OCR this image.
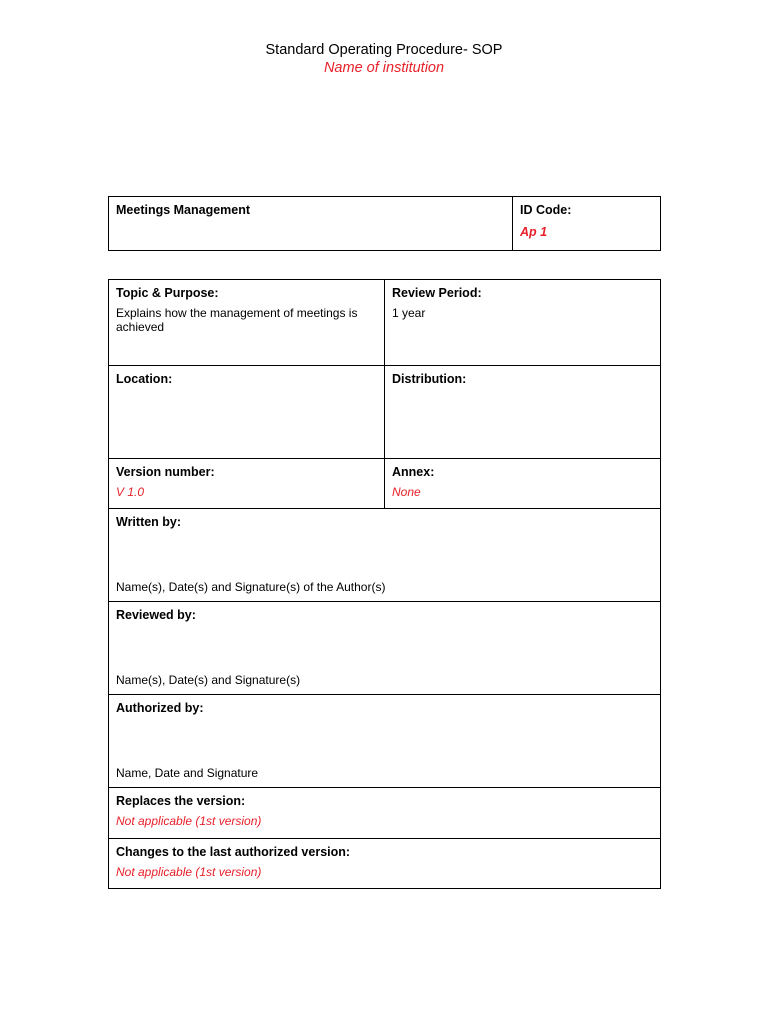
Standard Operating Procedure- SOP
Name of institution
Meetings Management	ID Code:
Ap 1
Topic & Purpose:
Explains how the management of meetings is achieved
Review Period:
1 year
Location:	Distribution:
Version number:
V 1.0
Annex:
None
Written by:
Name(s), Date(s) and Signature(s) of the Author(s)
Reviewed by:
Name(s), Date(s) and Signature(s)
Authorized by:
Name, Date and Signature
Replaces the version:
Not applicable (1st version)
Changes to the last authorized version:
Not applicable (1st version)
